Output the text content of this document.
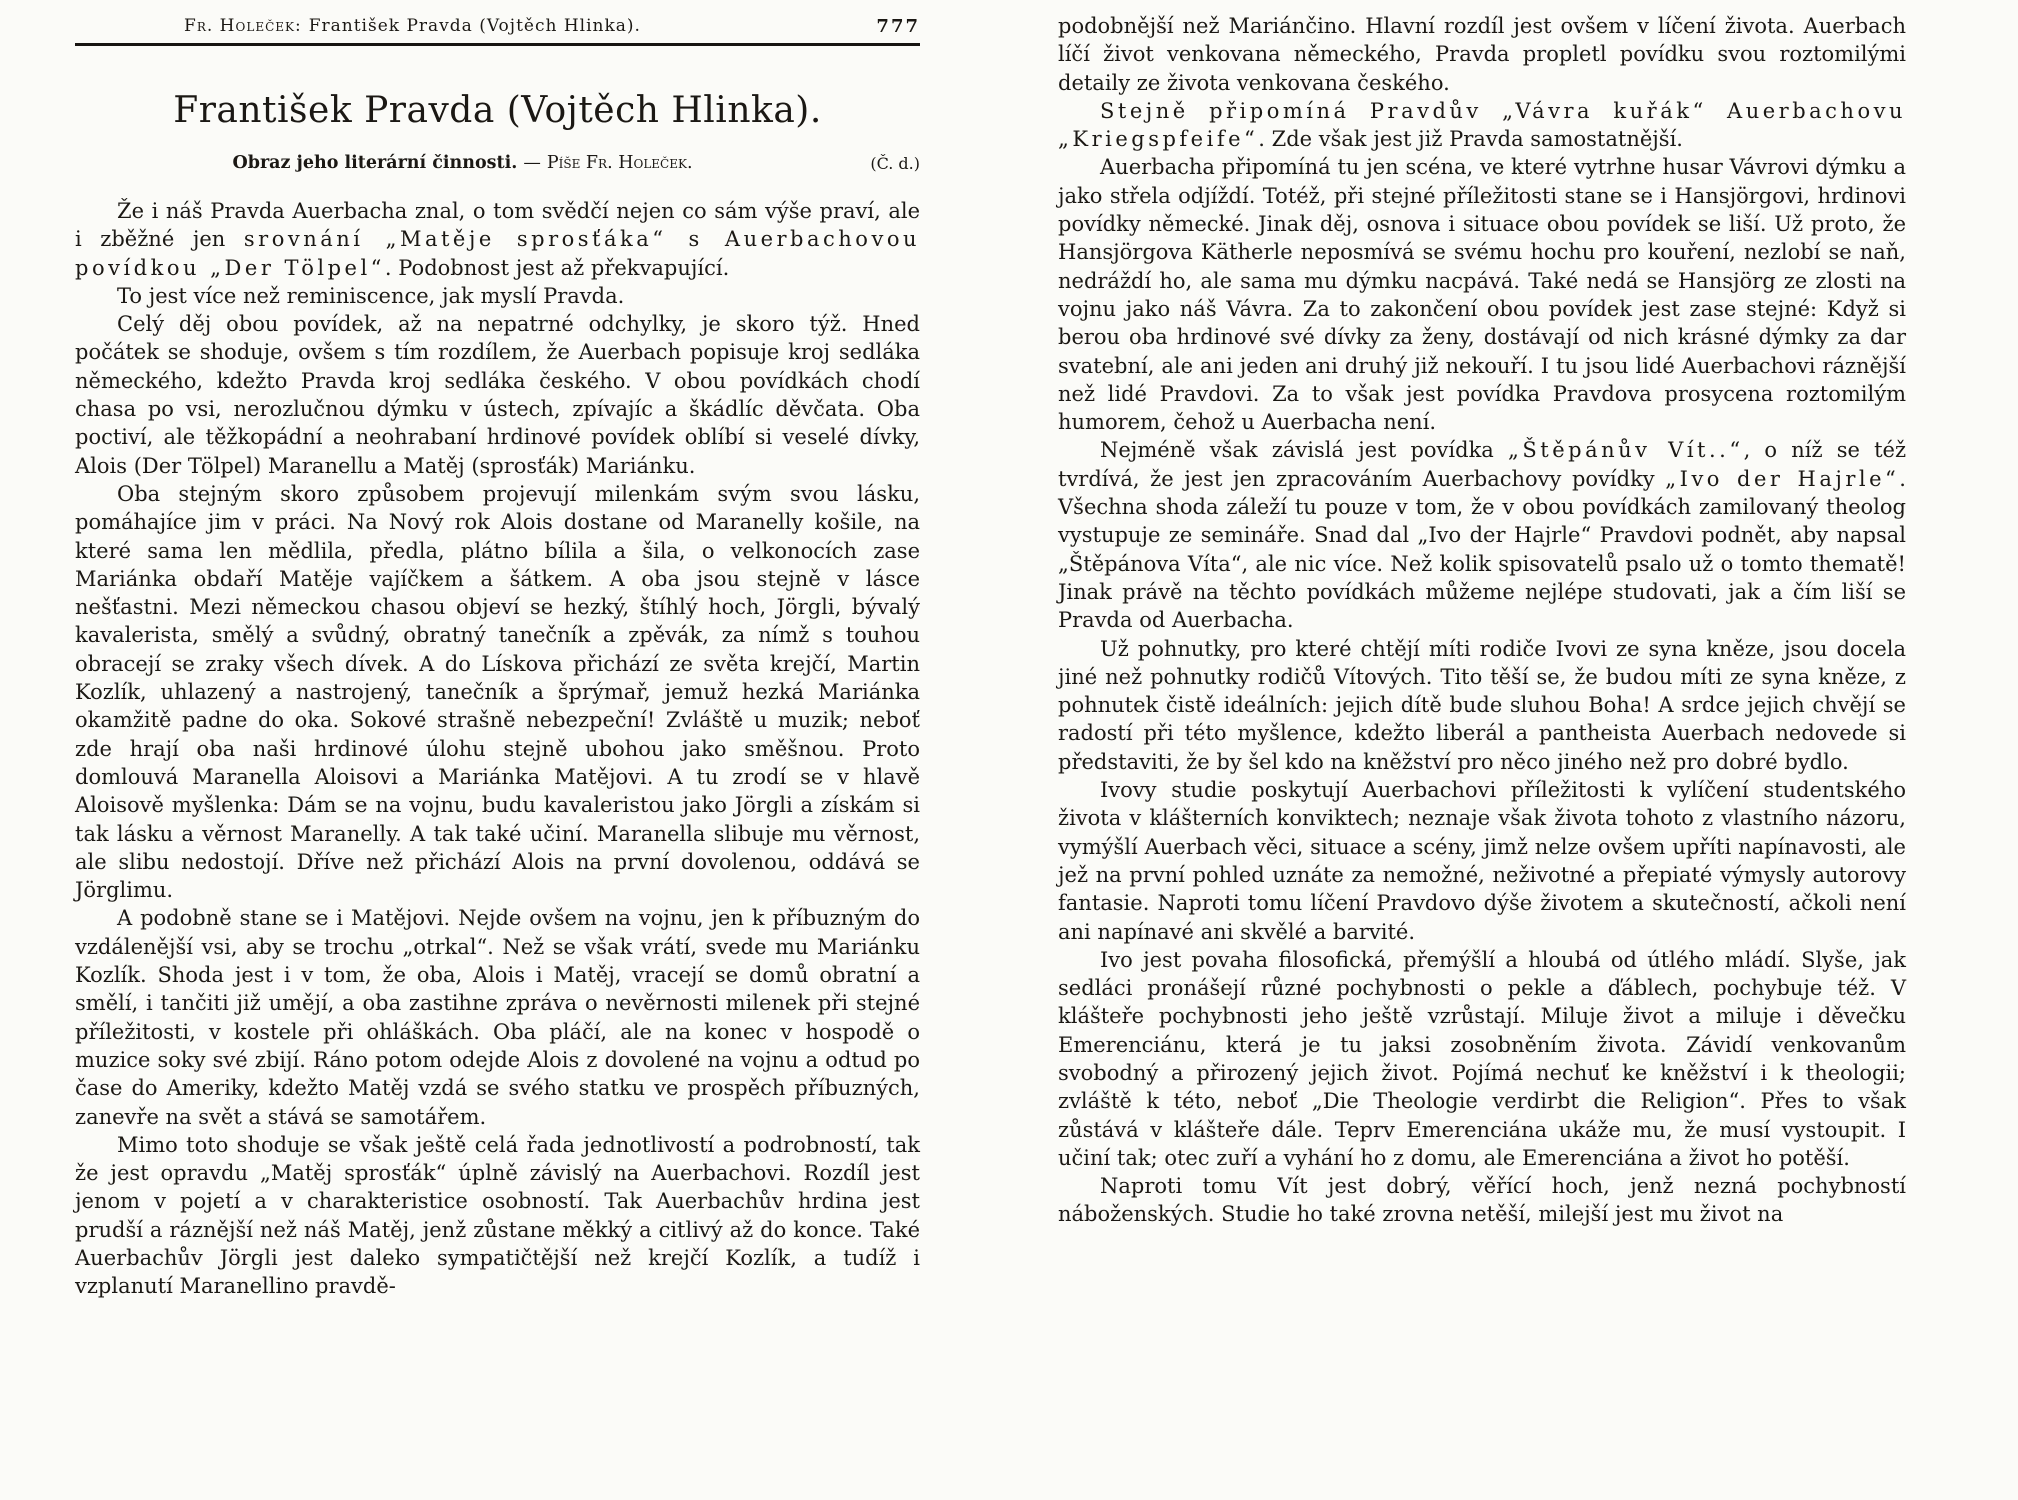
Fr. Holeček: František Pravda (Vojtěch Hlinka).	777
František Pravda (Vojtěch Hlinka).
Obraz jeho literární činnosti. — Píše Fr. Holeček.	(Č. d.)

Že i náš Pravda Auerbacha znal, o tom svědčí nejen co sám výše praví, ale i zběžné jen srovnání „Matěje sprosťáka“ s Auerbachovou povídkou „Der Tölpel“. Podobnost jest až překvapující.

To jest více než reminiscence, jak myslí Pravda.

Celý děj obou povídek, až na nepatrné odchylky, je skoro týž. Hned počátek se shoduje, ovšem s tím rozdílem, že Auerbach popisuje kroj sedláka německého, kdežto Pravda kroj sedláka českého. V obou povídkách chodí chasa po vsi, nerozlučnou dýmku v ústech, zpívajíc a škádlíc děvčata. Oba poctiví, ale těžkopádní a neohrabaní hrdinové povídek oblíbí si veselé dívky, Alois (Der Tölpel) Maranellu a Matěj (sprosťák) Mariánku.

Oba stejným skoro způsobem projevují milenkám svým svou lásku, pomáhajíce jim v práci. Na Nový rok Alois dostane od Maranelly košile, na které sama len mědlila, předla, plátno bílila a šila, o velkonocích zase Mariánka obdaří Matěje vajíčkem a šátkem. A oba jsou stejně v lásce nešťastni. Mezi německou chasou objeví se hezký, štíhlý hoch, Jörgli, bývalý kavalerista, smělý a svůdný, obratný tanečník a zpěvák, za nímž s touhou obracejí se zraky všech dívek. A do Lískova přichází ze světa krejčí, Martin Kozlík, uhlazený a nastrojený, tanečník a šprýmař, jemuž hezká Mariánka okamžitě padne do oka. Sokové strašně nebezpeční! Zvláště u muzik; neboť zde hrají oba naši hrdinové úlohu stejně ubohou jako směšnou. Proto domlouvá Maranella Aloisovi a Mariánka Matějovi. A tu zrodí se v hlavě Aloisově myšlenka: Dám se na vojnu, budu kavaleristou jako Jörgli a získám si tak lásku a věrnost Maranelly. A tak také učiní. Maranella slibuje mu věrnost, ale slibu nedostojí. Dříve než přichází Alois na první dovolenou, oddává se Jörglimu.

A podobně stane se i Matějovi. Nejde ovšem na vojnu, jen k příbuzným do vzdálenější vsi, aby se trochu „otrkal“. Než se však vrátí, svede mu Mariánku Kozlík. Shoda jest i v tom, že oba, Alois i Matěj, vracejí se domů obratní a smělí, i tančiti již umějí, a oba zastihne zpráva o nevěrnosti milenek při stejné příležitosti, v kostele při ohláškách. Oba pláčí, ale na konec v hospodě o muzice soky své zbijí. Ráno potom odejde Alois z dovolené na vojnu a odtud po čase do Ameriky, kdežto Matěj vzdá se svého statku ve prospěch příbuzných, zanevře na svět a stává se samotářem.

Mimo toto shoduje se však ještě celá řada jednotlivostí a podrobností, tak že jest opravdu „Matěj sprosťák“ úplně závislý na Auerbachovi. Rozdíl jest jenom v pojetí a v charakteristice osobností. Tak Auerbachův hrdina jest prudší a ráznější než náš Matěj, jenž zůstane měkký a citlivý až do konce. Také Auerbachův Jörgli jest daleko sympatičtější než krejčí Kozlík, a tudíž i vzplanutí Maranellino pravdě-

podobnější než Mariánčino. Hlavní rozdíl jest ovšem v líčení života. Auerbach líčí život venkovana německého, Pravda propletl povídku svou roztomilými detaily ze života venkovana českého.

Stejně připomíná Pravdův „Vávra kuřák“ Auerbachovu „Kriegspfeife“. Zde však jest již Pravda samostatnější.

Auerbacha připomíná tu jen scéna, ve které vytrhne husar Vávrovi dýmku a jako střela odjíždí. Totéž, při stejné příležitosti stane se i Hansjörgovi, hrdinovi povídky německé. Jinak děj, osnova i situace obou povídek se liší. Už proto, že Hansjörgova Kätherle neposmívá se svému hochu pro kouření, nezlobí se naň, nedráždí ho, ale sama mu dýmku nacpává. Také nedá se Hansjörg ze zlosti na vojnu jako náš Vávra. Za to zakončení obou povídek jest zase stejné: Když si berou oba hrdinové své dívky za ženy, dostávají od nich krásné dýmky za dar svatební, ale ani jeden ani druhý již nekouří. I tu jsou lidé Auerbachovi ráznější než lidé Pravdovi. Za to však jest povídka Pravdova prosycena roztomilým humorem, čehož u Auerbacha není.

Nejméně však závislá jest povídka „Štěpánův Vít..“, o níž se též tvrdívá, že jest jen zpracováním Auerbachovy povídky „Ivo der Hajrle“. Všechna shoda záleží tu pouze v tom, že v obou povídkách zamilovaný theolog vystupuje ze semináře. Snad dal „Ivo der Hajrle“ Pravdovi podnět, aby napsal „Štěpánova Víta“, ale nic více. Než kolik spisovatelů psalo už o tomto thematě! Jinak právě na těchto povídkách můžeme nejlépe studovati, jak a čím liší se Pravda od Auerbacha.

Už pohnutky, pro které chtějí míti rodiče Ivovi ze syna kněze, jsou docela jiné než pohnutky rodičů Vítových. Tito těší se, že budou míti ze syna kněze, z pohnutek čistě ideálních: jejich dítě bude sluhou Boha! A srdce jejich chvějí se radostí při této myšlence, kdežto liberál a pantheista Auerbach nedovede si představiti, že by šel kdo na kněžství pro něco jiného než pro dobré bydlo.

Ivovy studie poskytují Auerbachovi příležitosti k vylíčení studentského života v klášterních konviktech; neznaje však života tohoto z vlastního názoru, vymýšlí Auerbach věci, situace a scény, jimž nelze ovšem upříti napínavosti, ale jež na první pohled uznáte za nemožné, neživotné a přepiaté výmysly autorovy fantasie. Naproti tomu líčení Pravdovo dýše životem a skutečností, ačkoli není ani napínavé ani skvělé a barvité.

Ivo jest povaha filosofická, přemýšlí a hloubá od útlého mládí. Slyše, jak sedláci pronášejí různé pochybnosti o pekle a ďáblech, pochybuje též. V klášteře pochybnosti jeho ještě vzrůstají. Miluje život a miluje i děvečku Emerenciánu, která je tu jaksi zosobněním života. Závidí venkovanům svobodný a přirozený jejich život. Pojímá nechuť ke kněžství i k theologii; zvláště k této, neboť „Die Theologie verdirbt die Religion“. Přes to však zůstává v klášteře dále. Teprv Emerenciána ukáže mu, že musí vystoupit. I učiní tak; otec zuří a vyhání ho z domu, ale Emerenciána a život ho potěší.

Naproti tomu Vít jest dobrý, věřící hoch, jenž nezná pochybností náboženských. Studie ho také zrovna netěší, milejší jest mu život na
